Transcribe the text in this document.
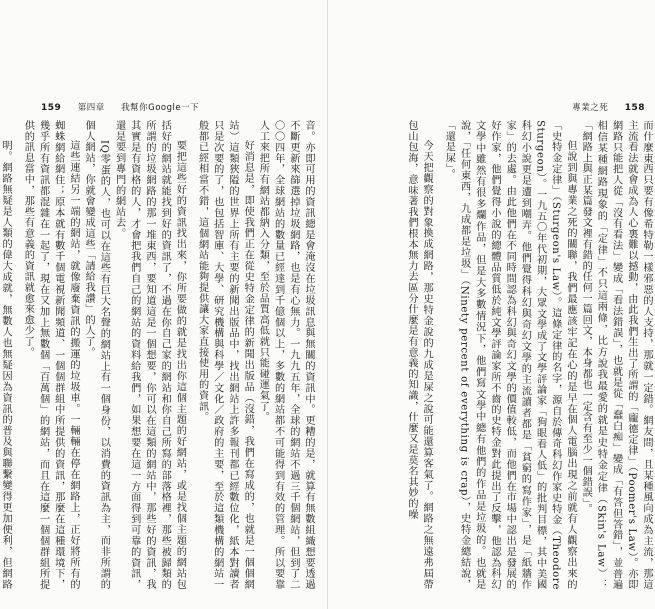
159 第四章 我幫你Google一下

音。亦即可用的資訊總是會淹沒在垃圾訊息與無關的資訊中。更糟的是，就算有無數組織想要透過不斷更新來篩選掉垃圾網路，也是有心無力。一九九五年，全球的網站不過三千個網站，但到了二〇〇四年，全球網站的數量已經達到千億個以上，多數的網站都不可能得到有效的管理。所以要靠人工來把所有網站都納入分類，至於品質高低就只能碰運氣了。

好消息是，即使我們正在從史特金定律的新聞出版品（沒錯，我們在寫成的，也就是一個個網站）這類狹隘的世界上所有主要的新聞出版品中，找出網站上許多報刊都已經數位化，紙本對讀者只是次要的了，也包括智庫、大學、研究機構與科學／文化／政府的主要，至於這類機構的網站一般都已經相當不錯，這個網站能夠提供讓大家直接使用的資訊。

要把這些好的資訊找出來，你所要做的就是找出你這個主題的好網站，或是找個主題的網站包括好的網站就能找到好的資訊了，不過在你自己家的網站和你自己所寫的部落格裡，那些被歸類的所謂的垃圾網路的那一堆東西，要知道這是一個想要，你可以在這類的網站中，那些好的資訊，我其實是有資格的人，才會把我們自己的網站的資料給我們，如果想要在這一方面得到可靠的資訊，還是要到專門的網站去。

IQ零蛋的人，也可以在這些有巨大名聲的網站上有一個身份，以消費的資訊為主，而非所謂的個人網站，你就會變成這些「請給我讚」的人了。

這些連結另一端的網站，就像廢棄資訊的搬運的垃圾車。一輛輛在停在網路上，正好將所有的蜘蛛網給網住；原本就有數千個電視新聞頻道、一個個群組中所提供的資訊，那麼在這種環境下，幾乎所有資訊都混雜在一起了，現在又加上無數個「百萬個」的網站，而且在這麼一個個群組所提供的訊息當中，那些有意義的資訊就愈來愈少了。

明。網路無疑是人類的偉大成就，無數人也無疑因為資訊的普及與聯繫變得更加便利，但網路

專業之死 158

而什麼東西只要有像希特勒一樣邪惡的人支持，那就一定錯。網友間，且某種風向成為主流，那這主流看法就會成為人心裏難以撼動，由此我們生出了所謂的「龐德定律」（Poomer's Law）。亦即網路只能把人從「沒有看法」變成「看法錯誤」，也就是從「蠢白痴」變成「有答但答錯」，並普遍相信某種網路現象的「定律」不只這兩條，比方說我最愛的就是史特金定律（Skin's Law）：「網路上與正某篇發文裡有錯的任何一篇回文，本身都也一定含有至少一個錯誤」。

但說到與專業之死的關聯，我們最應該牢記在心的是早在個人電腦出現之前就有人觀察出來的「史特金定律」（Sturgeon's Law）。這條定律的名字，源自於傳奇科幻作家史特金（Theodore Sturgeon）。一九五〇年代初期，大眾文學成了文學評論家「狗眼看人低」的批判目標，其中美國科幻小說更是遭到嘲弄。他們覺得科幻與奇幻文學的主流讀者都是「貧窮的寫作家」，是「紙牆作家」的去處。由此他們在不同時間認為科幻與奇幻文學的價值較低，而他們在市場中認出是發展的好作家，他們覺得小說的總體品質低於純文學評論家所不齒的史特金對此提出了反擊，他認為科幻文學中雖然有很多爛作品，但是大多數情況下，他們寫文學中總有他們的作品是垃圾的。也就是說，「任何東西，九成都是垃圾」（Ninety percent of everything is crap），史特金總結說，「還是屎」。

今天把觀察的對象換成網路，那史特金說的九成是屎之說可能還算客氣了。網路之無遠弗屆帶包山包海，意味著我們根本無力去區分什麼是有意義的知識，什麼又是莫名其妙的噪
